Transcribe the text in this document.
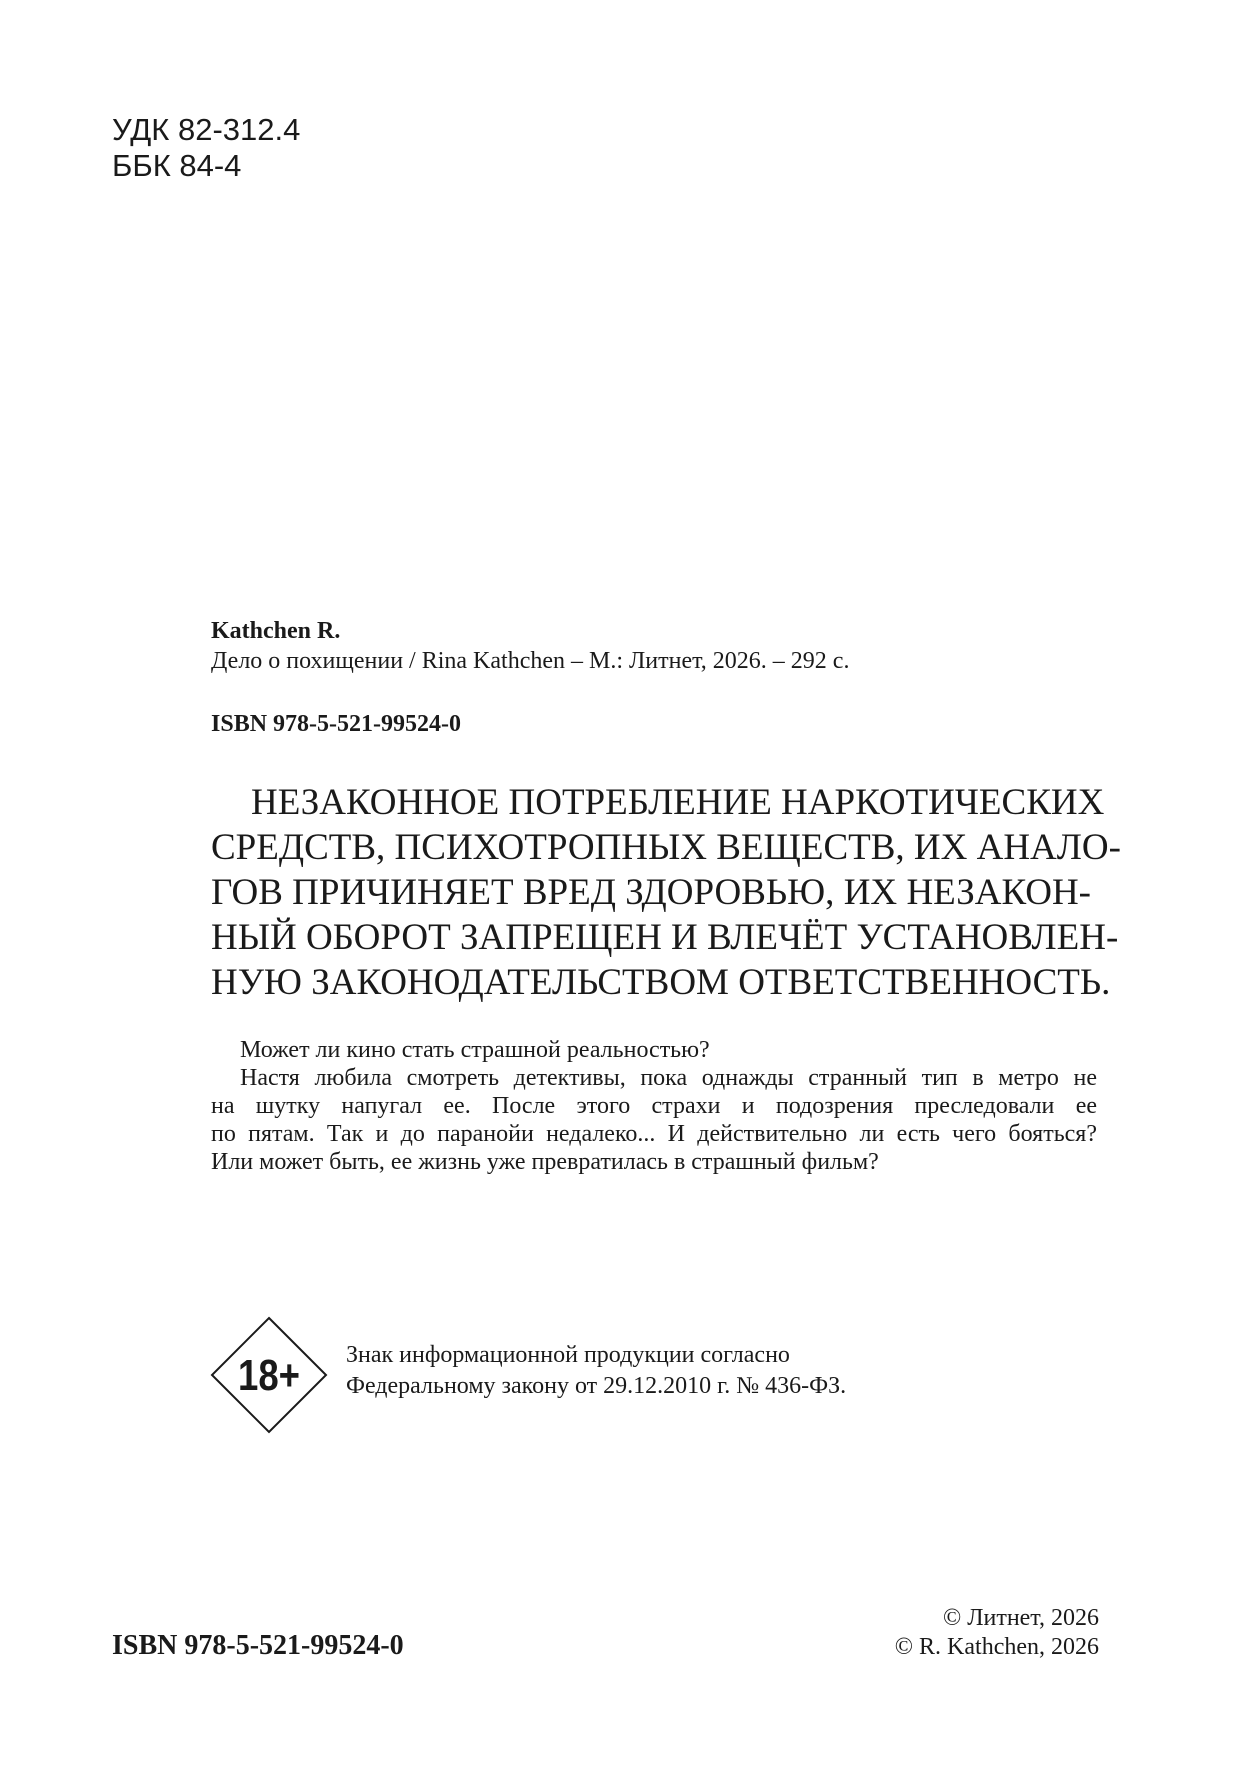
УДК 82-312.4
ББК 84-4
Kathchen R.
Дело о похищении / Rina Kathchen – М.: Литнет, 2026. – 292 с.
ISBN 978-5-521-99524-0
НЕЗАКОННОЕ ПОТРЕБЛЕНИЕ НАРКОТИЧЕСКИХ
СРЕДСТВ, ПСИХОТРОПНЫХ ВЕЩЕСТВ, ИХ АНАЛО-
ГОВ ПРИЧИНЯЕТ ВРЕД ЗДОРОВЬЮ, ИХ НЕЗАКОН-
НЫЙ ОБОРОТ ЗАПРЕЩЕН И ВЛЕЧЁТ УСТАНОВЛЕН-
НУЮ ЗАКОНОДАТЕЛЬСТВОМ ОТВЕТСТВЕННОСТЬ.
Может ли кино стать страшной реальностью?
Настя любила смотреть детективы, пока однажды странный тип в метро не
на шутку напугал ее. После этого страхи и подозрения преследовали ее
по пятам. Так и до паранойи недалеко... И действительно ли есть чего бояться?
Или может быть, ее жизнь уже превратилась в страшный фильм?
18+ Знак информационной продукции согласно
Федеральному закону от 29.12.2010 г. № 436-ФЗ.
ISBN 978-5-521-99524-0
© Литнет, 2026
© R. Kathchen, 2026
